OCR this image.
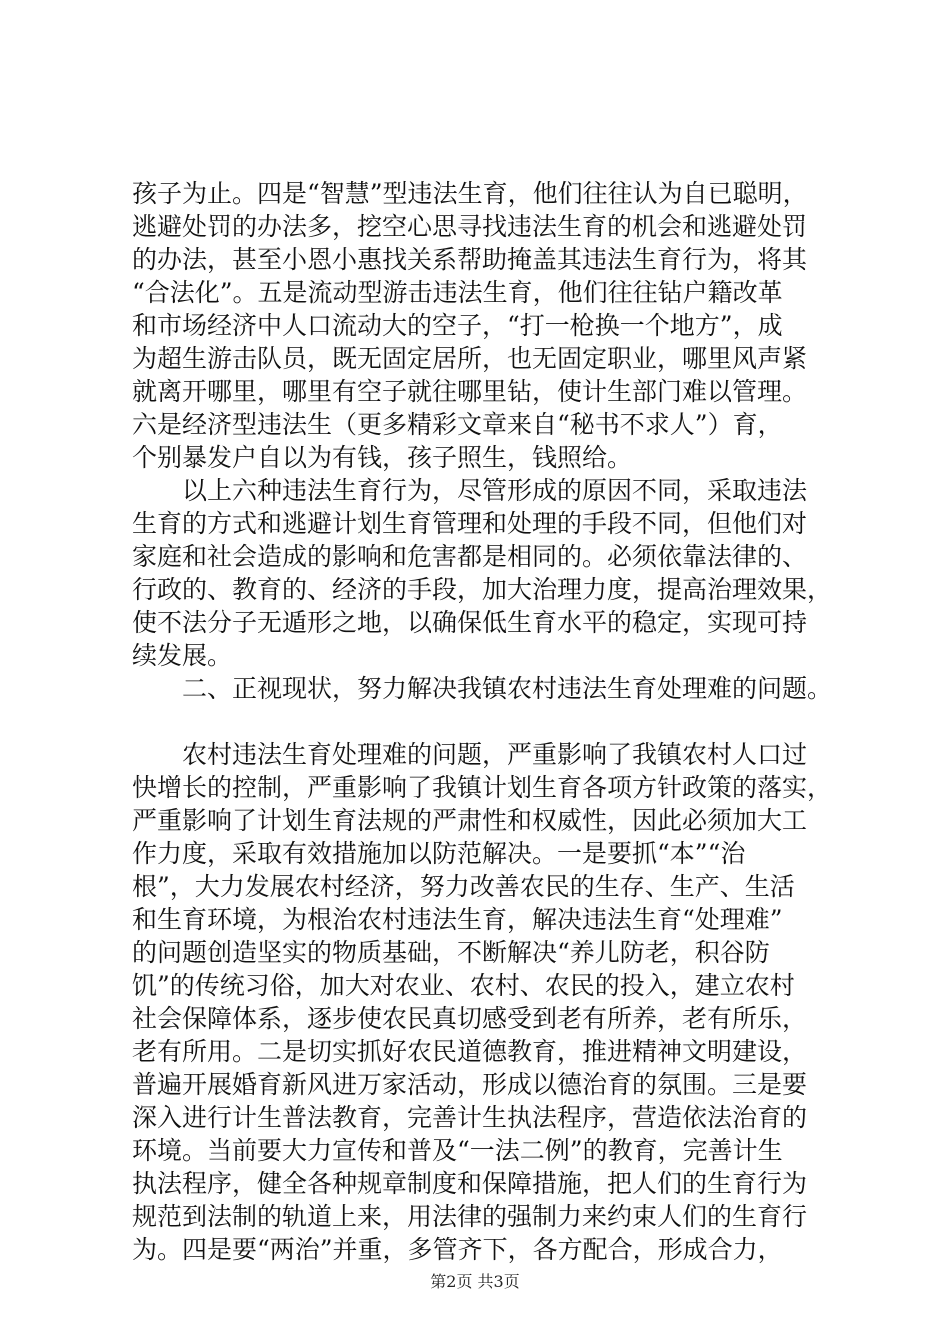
孩子为止。四是“智慧”型违法生育，他们往往认为自已聪明，
逃避处罚的办法多，挖空心思寻找违法生育的机会和逃避处罚
的办法，甚至小恩小惠找关系帮助掩盖其违法生育行为，将其
“合法化”。五是流动型游击违法生育，他们往往钻户籍改革
和市场经济中人口流动大的空子，“打一枪换一个地方”，成
为超生游击队员，既无固定居所，也无固定职业，哪里风声紧
就离开哪里，哪里有空子就往哪里钻，使计生部门难以管理。
六是经济型违法生（更多精彩文章来自“秘书不求人”）育，
个别暴发户自以为有钱，孩子照生，钱照给。
以上六种违法生育行为，尽管形成的原因不同，采取违法
生育的方式和逃避计划生育管理和处理的手段不同，但他们对
家庭和社会造成的影响和危害都是相同的。必须依靠法律的、
行政的、教育的、经济的手段，加大治理力度，提高治理效果，
使不法分子无遁形之地，以确保低生育水平的稳定，实现可持
续发展。
二、正视现状，努力解决我镇农村违法生育处理难的问题。
农村违法生育处理难的问题，严重影响了我镇农村人口过
快增长的控制，严重影响了我镇计划生育各项方针政策的落实，
严重影响了计划生育法规的严肃性和权威性，因此必须加大工
作力度，采取有效措施加以防范解决。一是要抓“本”“治
根”，大力发展农村经济，努力改善农民的生存、生产、生活
和生育环境，为根治农村违法生育，解决违法生育“处理难”
的问题创造坚实的物质基础，不断解决“养儿防老，积谷防
饥”的传统习俗，加大对农业、农村、农民的投入，建立农村
社会保障体系，逐步使农民真切感受到老有所养，老有所乐，
老有所用。二是切实抓好农民道德教育，推进精神文明建设，
普遍开展婚育新风进万家活动，形成以德治育的氛围。三是要
深入进行计生普法教育，完善计生执法程序，营造依法治育的
环境。当前要大力宣传和普及“一法二例”的教育，完善计生
执法程序，健全各种规章制度和保障措施，把人们的生育行为
规范到法制的轨道上来，用法律的强制力来约束人们的生育行
为。四是要“两治”并重，多管齐下，各方配合，形成合力，
第2页 共3页
